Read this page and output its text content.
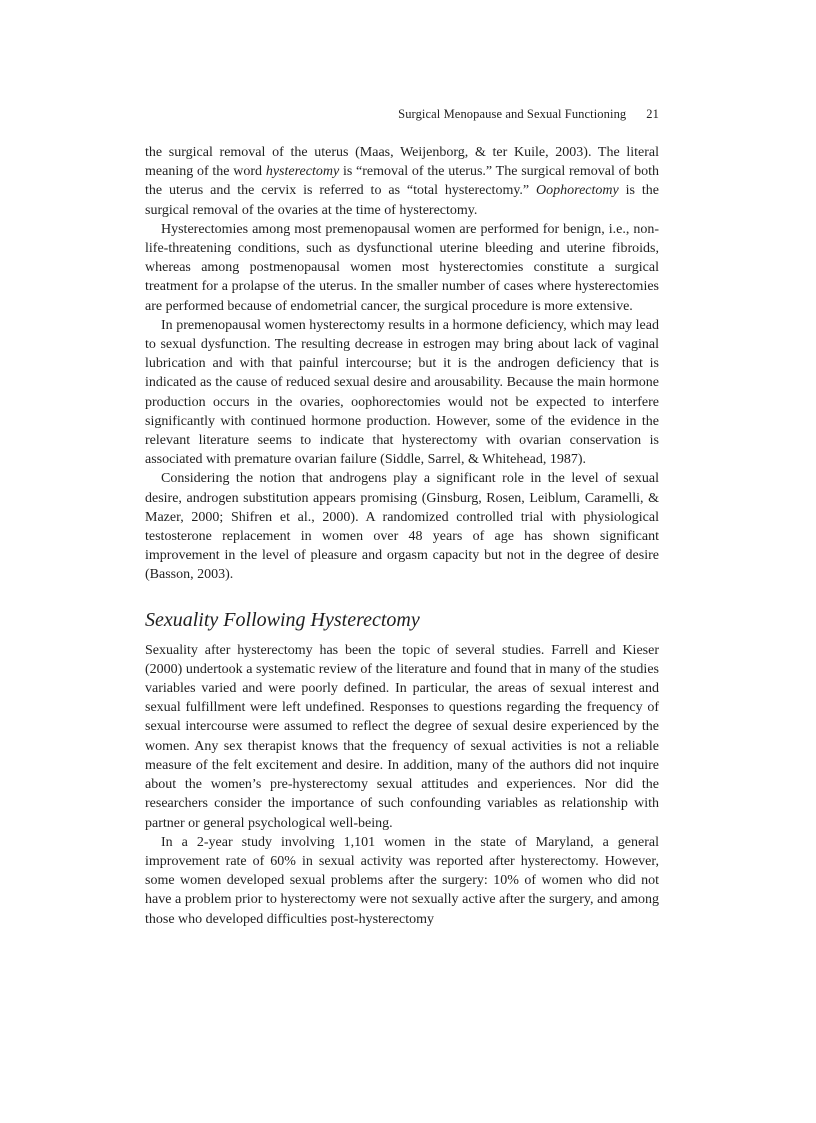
Surgical Menopause and Sexual Functioning 21

the surgical removal of the uterus (Maas, Weijenborg, & ter Kuile, 2003). The literal meaning of the word hysterectomy is “removal of the uterus.” The surgical removal of both the uterus and the cervix is referred to as “total hysterectomy.” Oophorectomy is the surgical removal of the ovaries at the time of hysterectomy.

Hysterectomies among most premenopausal women are performed for benign, i.e., non-life-threatening conditions, such as dysfunctional uterine bleeding and uterine fibroids, whereas among postmenopausal women most hysterectomies constitute a surgical treatment for a prolapse of the uterus. In the smaller number of cases where hysterectomies are performed because of endometrial cancer, the surgical procedure is more extensive.

In premenopausal women hysterectomy results in a hormone deficiency, which may lead to sexual dysfunction. The resulting decrease in estrogen may bring about lack of vaginal lubrication and with that painful intercourse; but it is the androgen deficiency that is indicated as the cause of reduced sexual desire and arousability. Because the main hormone production occurs in the ovaries, oophorectomies would not be expected to interfere significantly with continued hormone production. However, some of the evidence in the relevant literature seems to indicate that hysterectomy with ovarian conservation is associated with premature ovarian failure (Siddle, Sarrel, & Whitehead, 1987).

Considering the notion that androgens play a significant role in the level of sexual desire, androgen substitution appears promising (Ginsburg, Rosen, Leiblum, Caramelli, & Mazer, 2000; Shifren et al., 2000). A randomized controlled trial with physiological testosterone replacement in women over 48 years of age has shown significant improvement in the level of pleasure and orgasm capacity but not in the degree of desire (Basson, 2003).

Sexuality Following Hysterectomy

Sexuality after hysterectomy has been the topic of several studies. Farrell and Kieser (2000) undertook a systematic review of the literature and found that in many of the studies variables varied and were poorly defined. In particular, the areas of sexual interest and sexual fulfillment were left undefined. Responses to questions regarding the frequency of sexual intercourse were assumed to reflect the degree of sexual desire experienced by the women. Any sex therapist knows that the frequency of sexual activities is not a reliable measure of the felt excitement and desire. In addition, many of the authors did not inquire about the women’s pre-hysterectomy sexual attitudes and experiences. Nor did the researchers consider the importance of such confounding variables as relationship with partner or general psychological well-being.

In a 2-year study involving 1,101 women in the state of Maryland, a general improvement rate of 60% in sexual activity was reported after hysterectomy. However, some women developed sexual problems after the surgery: 10% of women who did not have a problem prior to hysterectomy were not sexually active after the surgery, and among those who developed difficulties post-hysterectomy
